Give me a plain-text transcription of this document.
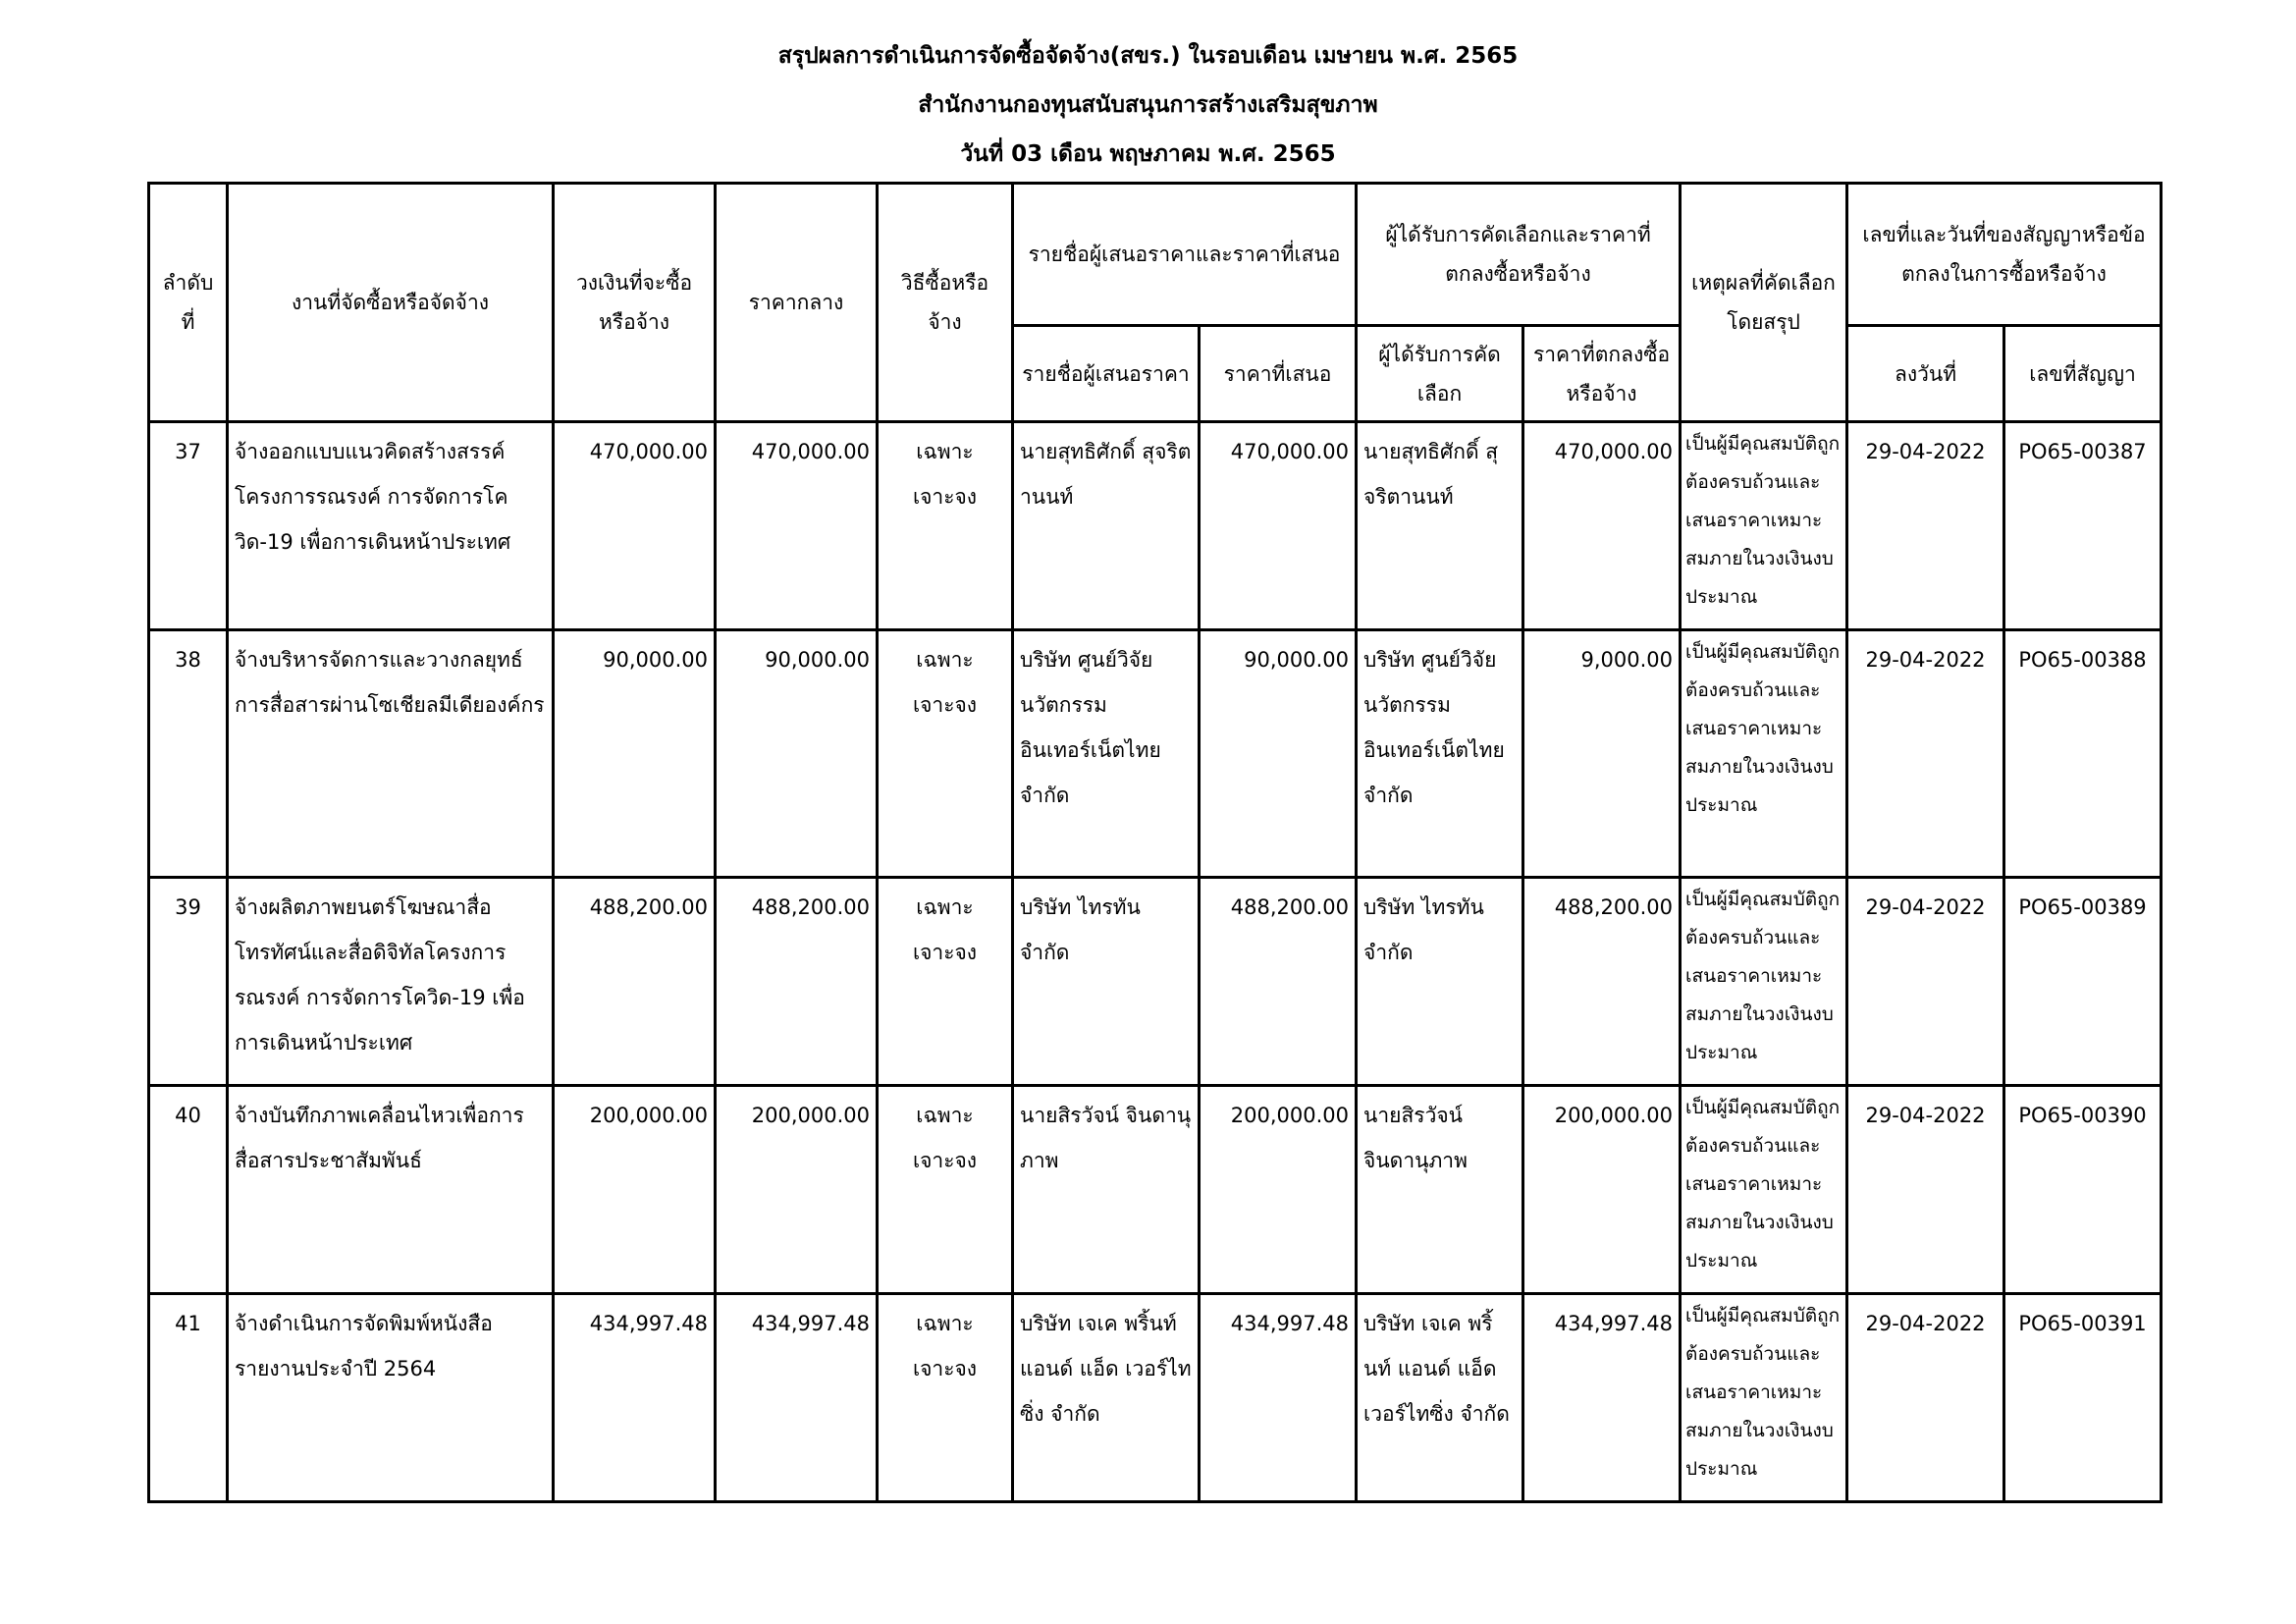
สรุปผลการดำเนินการจัดซื้อจัดจ้าง(สขร.) ในรอบเดือน เมษายน พ.ศ. 2565
สำนักงานกองทุนสนับสนุนการสร้างเสริมสุขภาพ
วันที่ 03 เดือน พฤษภาคม พ.ศ. 2565
ลำดับที่	งานที่จัดซื้อหรือจัดจ้าง	วงเงินที่จะซื้อหรือจ้าง	ราคากลาง	วิธีซื้อหรือจ้าง	รายชื่อผู้เสนอราคาและราคาที่เสนอ		ผู้ได้รับการคัดเลือกและราคาที่ตกลงซื้อหรือจ้าง		เหตุผลที่คัดเลือกโดยสรุป	เลขที่และวันที่ของสัญญาหรือข้อตกลงในการซื้อหรือจ้าง	
					รายชื่อผู้เสนอราคา	ราคาที่เสนอ	ผู้ได้รับการคัดเลือก	ราคาที่ตกลงซื้อหรือจ้าง		ลงวันที่	เลขที่สัญญา
37	จ้างออกแบบแนวคิดสร้างสรรค์โครงการรณรงค์ การจัดการโควิด-19 เพื่อการเดินหน้าประเทศ	470,000.00	470,000.00	เฉพาะเจาะจง	นายสุทธิศักดิ์ สุจริตานนท์	470,000.00	นายสุทธิศักดิ์ สุจริตานนท์	470,000.00	เป็นผู้มีคุณสมบัติถูกต้องครบถ้วนและเสนอราคาเหมาะสมภายในวงเงินงบประมาณ	29-04-2022	PO65-00387
38	จ้างบริหารจัดการและวางกลยุทธ์การสื่อสารผ่านโซเชียลมีเดียองค์กร	90,000.00	90,000.00	เฉพาะเจาะจง	บริษัท ศูนย์วิจัยนวัตกรรมอินเทอร์เน็ตไทย จำกัด	90,000.00	บริษัท ศูนย์วิจัยนวัตกรรมอินเทอร์เน็ตไทย จำกัด	9,000.00	เป็นผู้มีคุณสมบัติถูกต้องครบถ้วนและเสนอราคาเหมาะสมภายในวงเงินงบประมาณ	29-04-2022	PO65-00388
39	จ้างผลิตภาพยนตร์โฆษณาสื่อโทรทัศน์และสื่อดิจิทัลโครงการรณรงค์ การจัดการโควิด-19 เพื่อการเดินหน้าประเทศ	488,200.00	488,200.00	เฉพาะเจาะจง	บริษัท ไทรทัน จำกัด	488,200.00	บริษัท ไทรทัน จำกัด	488,200.00	เป็นผู้มีคุณสมบัติถูกต้องครบถ้วนและเสนอราคาเหมาะสมภายในวงเงินงบประมาณ	29-04-2022	PO65-00389
40	จ้างบันทึกภาพเคลื่อนไหวเพื่อการสื่อสารประชาสัมพันธ์	200,000.00	200,000.00	เฉพาะเจาะจง	นายสิรวัจน์ จินดานุภาพ	200,000.00	นายสิรวัจน์ จินดานุภาพ	200,000.00	เป็นผู้มีคุณสมบัติถูกต้องครบถ้วนและเสนอราคาเหมาะสมภายในวงเงินงบประมาณ	29-04-2022	PO65-00390
41	จ้างดำเนินการจัดพิมพ์หนังสือรายงานประจำปี 2564	434,997.48	434,997.48	เฉพาะเจาะจง	บริษัท เจเค พริ้นท์ แอนด์ แอ็ด เวอร์ไทซิ่ง จำกัด	434,997.48	บริษัท เจเค พริ้นท์ แอนด์ แอ็ด เวอร์ไทซิ่ง จำกัด	434,997.48	เป็นผู้มีคุณสมบัติถูกต้องครบถ้วนและเสนอราคาเหมาะสมภายในวงเงินงบประมาณ	29-04-2022	PO65-00391
